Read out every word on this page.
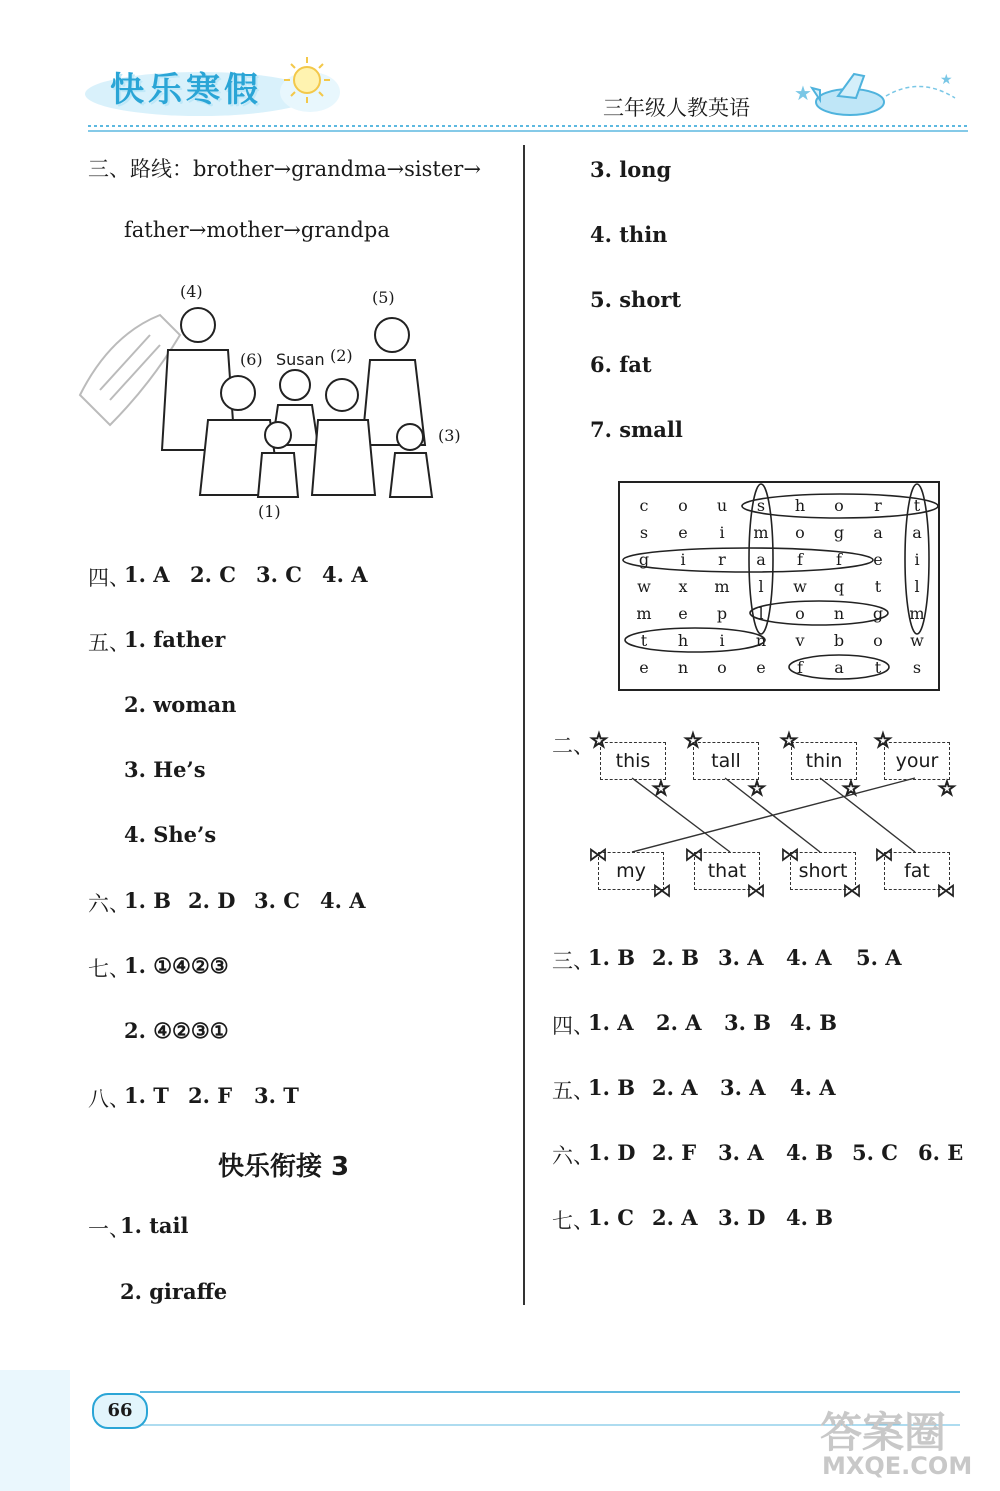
快乐寒假	三年级人教英语
★
★
三、路线：brother→grandma→sister→
father→mother→grandpa
(4)	(5)
(6) Susan (2)
(3)
(1)
四、
1. A 2. C 3. C 4. A
五、
1. father
2. woman
3. He’s
4. She’s
六、
1. B 2. D 3. C 4. A
七、
1. ①④②③
2. ④②③①
八、
1. T 2. F 3. T
快乐衔接 3
一、
1. tail
2. giraffe
3. long
4. thin
5. short
6. fat
7. small
c	o	u	s	h	o	r	t
s	e	i	m	o	g	a	a
g	i	r	a	f	f	e	i
w	x	m	l	w	q	t	l
m	e	p	l	o	n	g	m
t	h	i	n	v	b	o	w
e	n	o	e	f	a	t	s
二、
this	tall	thin	your
my	that	short	fat
☆
☆
☆
☆
☆
☆
☆
☆
⋈
⋈
⋈
⋈
⋈
⋈
⋈
⋈
三、
1. B 2. B 3. A 4. A 5. A
四、
1. A 2. A 3. B 4. B
五、
1. B 2. A 3. A 4. A
六、
1. D 2. F 3. A 4. B 5. C 6. E
七、
1. C 2. A 3. D 4. B
66	答案圈
MXQE.COM
